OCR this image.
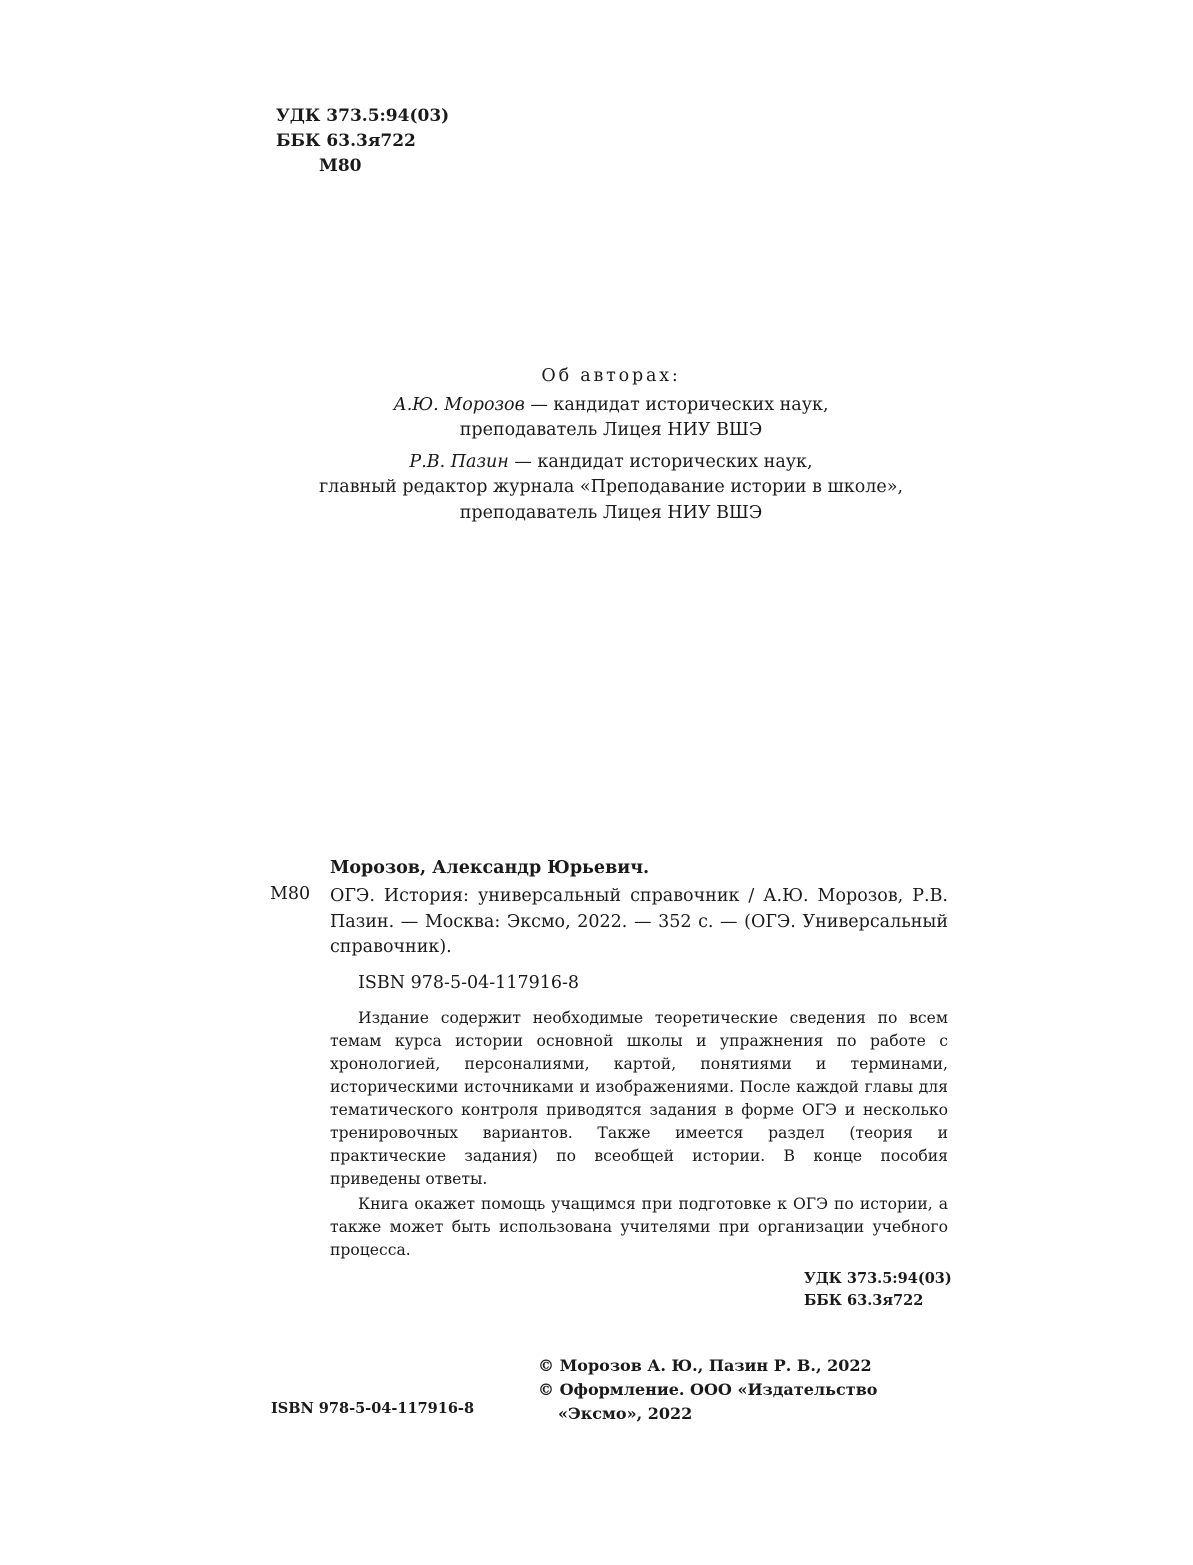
УДК 373.5:94(03)
ББК 63.3я722
М80
Об авторах:
А.Ю. Морозов — кандидат исторических наук,
преподаватель Лицея НИУ ВШЭ
Р.В. Пазин — кандидат исторических наук,
главный редактор журнала «Преподавание истории в школе»,
преподаватель Лицея НИУ ВШЭ
Морозов, Александр Юрьевич.
М80 ОГЭ. История: универсальный справочник / А.Ю. Морозов, Р.В. Пазин. — Москва: Эксмо, 2022. — 352 с. — (ОГЭ. Универсальный справочник).
ISBN 978-5-04-117916-8

Издание содержит необходимые теоретические сведения по всем темам курса истории основной школы и упражнения по работе с хронологией, персоналиями, картой, понятиями и терминами, историческими источниками и изображениями. После каждой главы для тематического контроля приводятся задания в форме ОГЭ и несколько тренировочных вариантов. Также имеется раздел (теория и практические задания) по всеобщей истории. В конце пособия приведены ответы.

Книга окажет помощь учащимся при подготовке к ОГЭ по истории, а также может быть использована учителями при организации учебного процесса.

УДК 373.5:94(03)
ББК 63.3я722
© Морозов А. Ю., Пазин Р. В., 2022
© Оформление. ООО «Издательство «Эксмо», 2022
ISBN 978-5-04-117916-8
